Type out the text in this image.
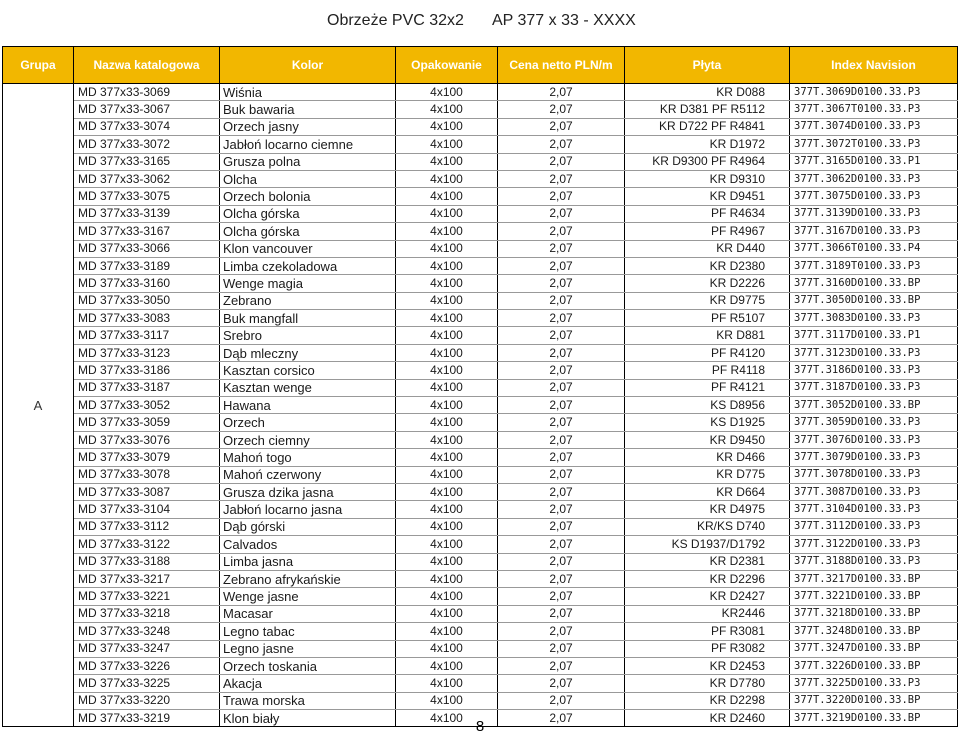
Obrzeże PVC 32x2 AP 377 x 33 - XXXX
Grupa	Nazwa katalogowa	Kolor	Opakowanie	Cena netto PLN/m	Płyta	Index Navision
A	MD 377x33-3069	Wiśnia	4x100	2,07	KR D088	377T.3069D0100.33.P3
	MD 377x33-3067	Buk bawaria	4x100	2,07	KR D381 PF R5112	377T.3067T0100.33.P3
	MD 377x33-3074	Orzech jasny	4x100	2,07	KR D722 PF R4841	377T.3074D0100.33.P3
	MD 377x33-3072	Jabłoń locarno ciemne	4x100	2,07	KR D1972	377T.3072T0100.33.P3
	MD 377x33-3165	Grusza polna	4x100	2,07	KR D9300 PF R4964	377T.3165D0100.33.P1
	MD 377x33-3062	Olcha	4x100	2,07	KR D9310	377T.3062D0100.33.P3
	MD 377x33-3075	Orzech bolonia	4x100	2,07	KR D9451	377T.3075D0100.33.P3
	MD 377x33-3139	Olcha górska	4x100	2,07	PF R4634	377T.3139D0100.33.P3
	MD 377x33-3167	Olcha górska	4x100	2,07	PF R4967	377T.3167D0100.33.P3
	MD 377x33-3066	Klon vancouver	4x100	2,07	KR D440	377T.3066T0100.33.P4
	MD 377x33-3189	Limba czekoladowa	4x100	2,07	KR D2380	377T.3189T0100.33.P3
	MD 377x33-3160	Wenge magia	4x100	2,07	KR D2226	377T.3160D0100.33.BP
	MD 377x33-3050	Zebrano	4x100	2,07	KR D9775	377T.3050D0100.33.BP
	MD 377x33-3083	Buk mangfall	4x100	2,07	PF R5107	377T.3083D0100.33.P3
	MD 377x33-3117	Srebro	4x100	2,07	KR D881	377T.3117D0100.33.P1
	MD 377x33-3123	Dąb mleczny	4x100	2,07	PF R4120	377T.3123D0100.33.P3
	MD 377x33-3186	Kasztan corsico	4x100	2,07	PF R4118	377T.3186D0100.33.P3
	MD 377x33-3187	Kasztan wenge	4x100	2,07	PF R4121	377T.3187D0100.33.P3
	MD 377x33-3052	Hawana	4x100	2,07	KS D8956	377T.3052D0100.33.BP
	MD 377x33-3059	Orzech	4x100	2,07	KS D1925	377T.3059D0100.33.P3
	MD 377x33-3076	Orzech ciemny	4x100	2,07	KR D9450	377T.3076D0100.33.P3
	MD 377x33-3079	Mahoń togo	4x100	2,07	KR D466	377T.3079D0100.33.P3
	MD 377x33-3078	Mahoń czerwony	4x100	2,07	KR D775	377T.3078D0100.33.P3
	MD 377x33-3087	Grusza dzika jasna	4x100	2,07	KR D664	377T.3087D0100.33.P3
	MD 377x33-3104	Jabłoń locarno jasna	4x100	2,07	KR D4975	377T.3104D0100.33.P3
	MD 377x33-3112	Dąb górski	4x100	2,07	KR/KS D740	377T.3112D0100.33.P3
	MD 377x33-3122	Calvados	4x100	2,07	KS D1937/D1792	377T.3122D0100.33.P3
	MD 377x33-3188	Limba jasna	4x100	2,07	KR D2381	377T.3188D0100.33.P3
	MD 377x33-3217	Zebrano afrykańskie	4x100	2,07	KR D2296	377T.3217D0100.33.BP
	MD 377x33-3221	Wenge jasne	4x100	2,07	KR D2427	377T.3221D0100.33.BP
	MD 377x33-3218	Macasar	4x100	2,07	KR2446	377T.3218D0100.33.BP
	MD 377x33-3248	Legno tabac	4x100	2,07	PF R3081	377T.3248D0100.33.BP
	MD 377x33-3247	Legno jasne	4x100	2,07	PF R3082	377T.3247D0100.33.BP
	MD 377x33-3226	Orzech toskania	4x100	2,07	KR D2453	377T.3226D0100.33.BP
	MD 377x33-3225	Akacja	4x100	2,07	KR D7780	377T.3225D0100.33.P3
	MD 377x33-3220	Trawa morska	4x100	2,07	KR D2298	377T.3220D0100.33.BP
	MD 377x33-3219	Klon biały	4x100	2,07	KR D2460	377T.3219D0100.33.BP
8
